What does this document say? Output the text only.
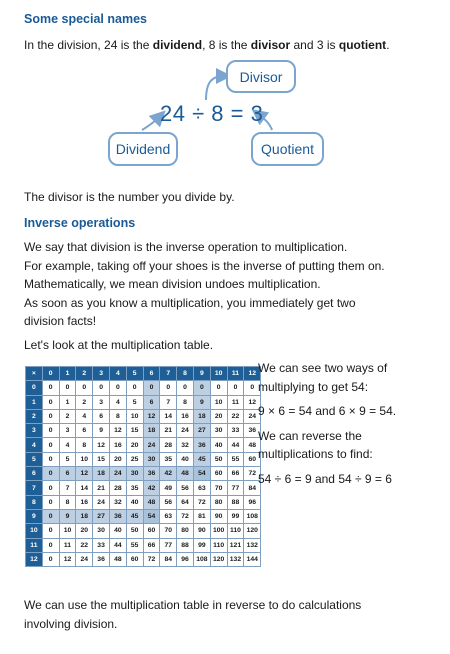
Some special names
In the division, 24 is the dividend, 8 is the divisor and 3 is quotient.
Divisor
24 ÷ 8 = 3
Dividend	Quotient
The divisor is the number you divide by.
Inverse operations
We say that division is the inverse operation to multiplication.
For example, taking off your shoes is the inverse of putting them on.
Mathematically, we mean division undoes multiplication.
As soon as you know a multiplication, you immediately get two
division facts!
Let's look at the multiplication table.
×	0	1	2	3	4	5	6	7	8	9	10	11	12
0	0	0	0	0	0	0	0	0	0	0	0	0	0
1	0	1	2	3	4	5	6	7	8	9	10	11	12
2	0	2	4	6	8	10	12	14	16	18	20	22	24
3	0	3	6	9	12	15	18	21	24	27	30	33	36
4	0	4	8	12	16	20	24	28	32	36	40	44	48
5	0	5	10	15	20	25	30	35	40	45	50	55	60
6	0	6	12	18	24	30	36	42	48	54	60	66	72
7	0	7	14	21	28	35	42	49	56	63	70	77	84
8	0	8	16	24	32	40	48	56	64	72	80	88	96
9	0	9	18	27	36	45	54	63	72	81	90	99	108
10	0	10	20	30	40	50	60	70	80	90	100	110	120
11	0	11	22	33	44	55	66	77	88	99	110	121	132
12	0	12	24	36	48	60	72	84	96	108	120	132	144
We can see two ways of
multiplying to get 54:
9 × 6 = 54 and 6 × 9 = 54.
We can reverse the
multiplications to find:
54 ÷ 6 = 9 and 54 ÷ 9 = 6
We can use the multiplication table in reverse to do calculations
involving division.
